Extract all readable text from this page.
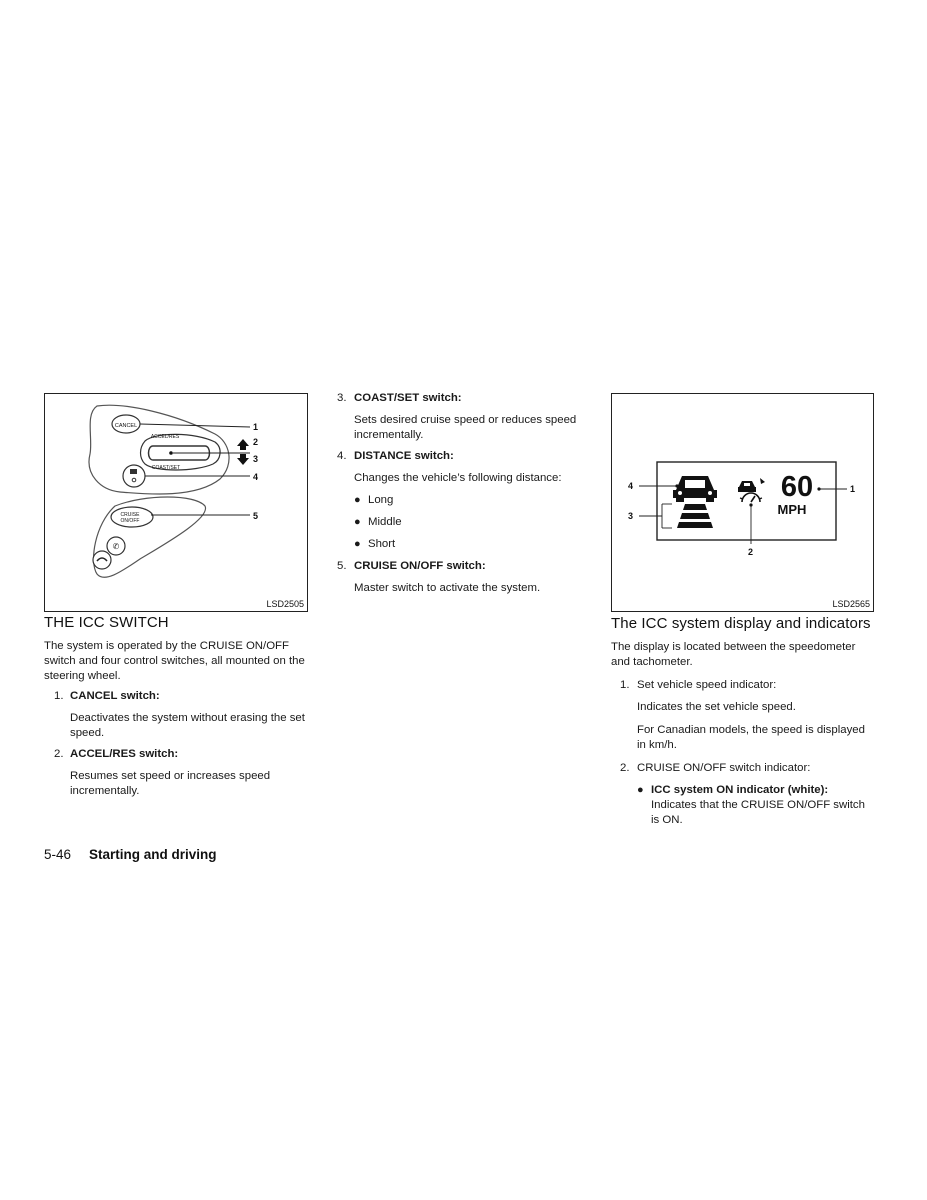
CANCEL
ACCEL/RES
COAST/SET
CRUISE
ON/OFF
✆
1
2
3
4
5
LSD2505
THE ICC SWITCH
The system is operated by the CRUISE ON/OFF switch and four control switches, all mounted on the steering wheel.
1. CANCEL switch:
Deactivates the system without erasing the set speed.
2. ACCEL/RES switch:
Resumes set speed or increases speed incrementally.
3. COAST/SET switch:
Sets desired cruise speed or reduces speed incrementally.
4. DISTANCE switch:
Changes the vehicle’s following distance:
● Long
● Middle
● Short
5. CRUISE ON/OFF switch:
Master switch to activate the system.
60
MPH
1
4
3
2
LSD2565
The ICC system display and indicators
The display is located between the speedometer and tachometer.
1. Set vehicle speed indicator:
Indicates the set vehicle speed.
For Canadian models, the speed is displayed in km/h.
2. CRUISE ON/OFF switch indicator:
● ICC system ON indicator (white): Indicates that the CRUISE ON/OFF switch is ON.
5-46 Starting and driving
